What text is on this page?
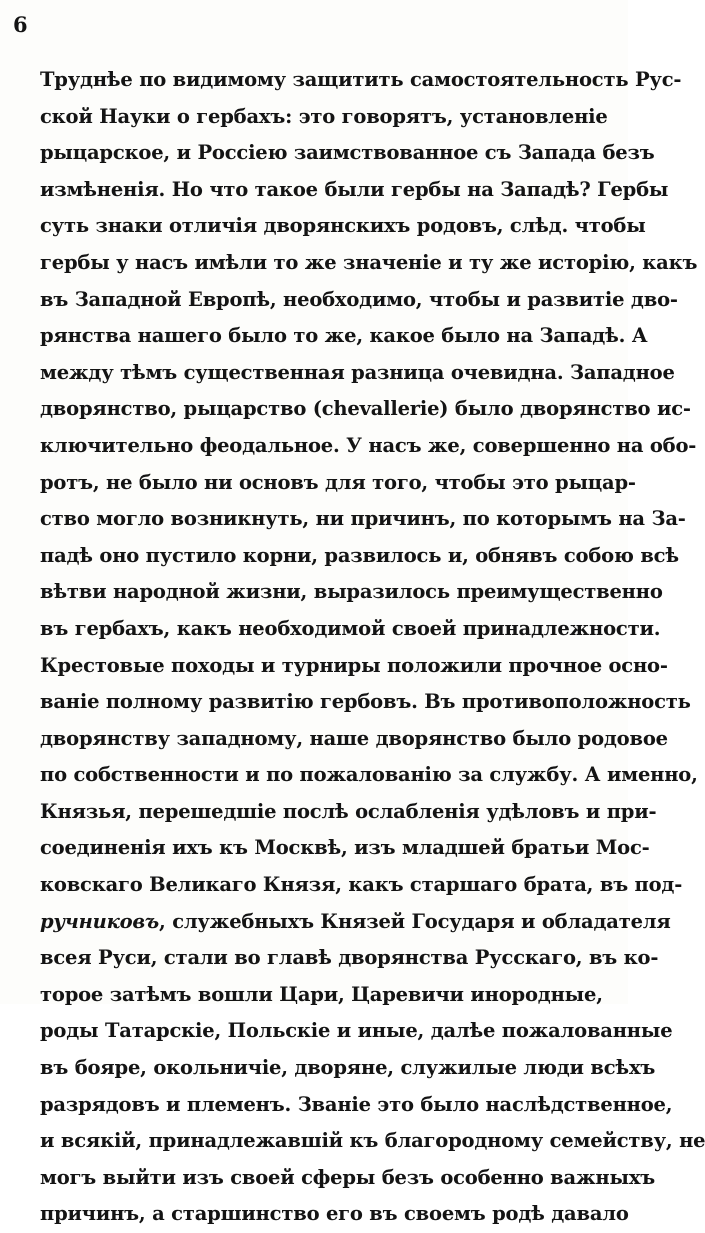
6
Труднѣе по видимому защитить самостоятельность Рус-
ской Науки о гербахъ: это говорятъ, установленіе
рыцарское, и Россіею заимствованное съ Запада безъ
измѣненія. Но что такое были гербы на Западѣ? Гербы
суть знаки отличія дворянскихъ родовъ, слѣд. чтобы
гербы у насъ имѣли то же значеніе и ту же исторію, какъ
въ Западной Европѣ, необходимо, чтобы и развитіе дво-
рянства нашего было то же, какое было на Западѣ. А
между тѣмъ существенная разница очевидна. Западное
дворянство, рыцарство (chevallerie) было дворянство ис-
ключительно феодальное. У насъ же, совершенно на обо-
ротъ, не было ни основъ для того, чтобы это рыцар-
ство могло возникнуть, ни причинъ, по которымъ на За-
падѣ оно пустило корни, развилось и, обнявъ собою всѣ
вѣтви народной жизни, выразилось преимущественно
въ гербахъ, какъ необходимой своей принадлежности.
Крестовые походы и турниры положили прочное осно-
ваніе полному развитію гербовъ. Въ противоположность
дворянству западному, наше дворянство было родовое
по собственности и по пожалованію за службу. А именно,
Князья, перешедшіе послѣ ослабленія удѣловъ и при-
соединенія ихъ къ Москвѣ, изъ младшей братьи Мос-
ковскаго Великаго Князя, какъ старшаго брата, въ под-
ручниковъ, служебныхъ Князей Государя и обладателя
всея Руси, стали во главѣ дворянства Русскаго, въ ко-
торое затѣмъ вошли Цари, Царевичи инородные,
роды Татарскіе, Польскіе и иные, далѣе пожалованные
въ бояре, окольничіе, дворяне, служилые люди всѣхъ
разрядовъ и племенъ. Званіе это было наслѣдственное,
и всякій, принадлежавшій къ благородному семейству, не
могъ выйти изъ своей сферы безъ особенно важныхъ
причинъ, а старшинство его въ своемъ родѣ давало
